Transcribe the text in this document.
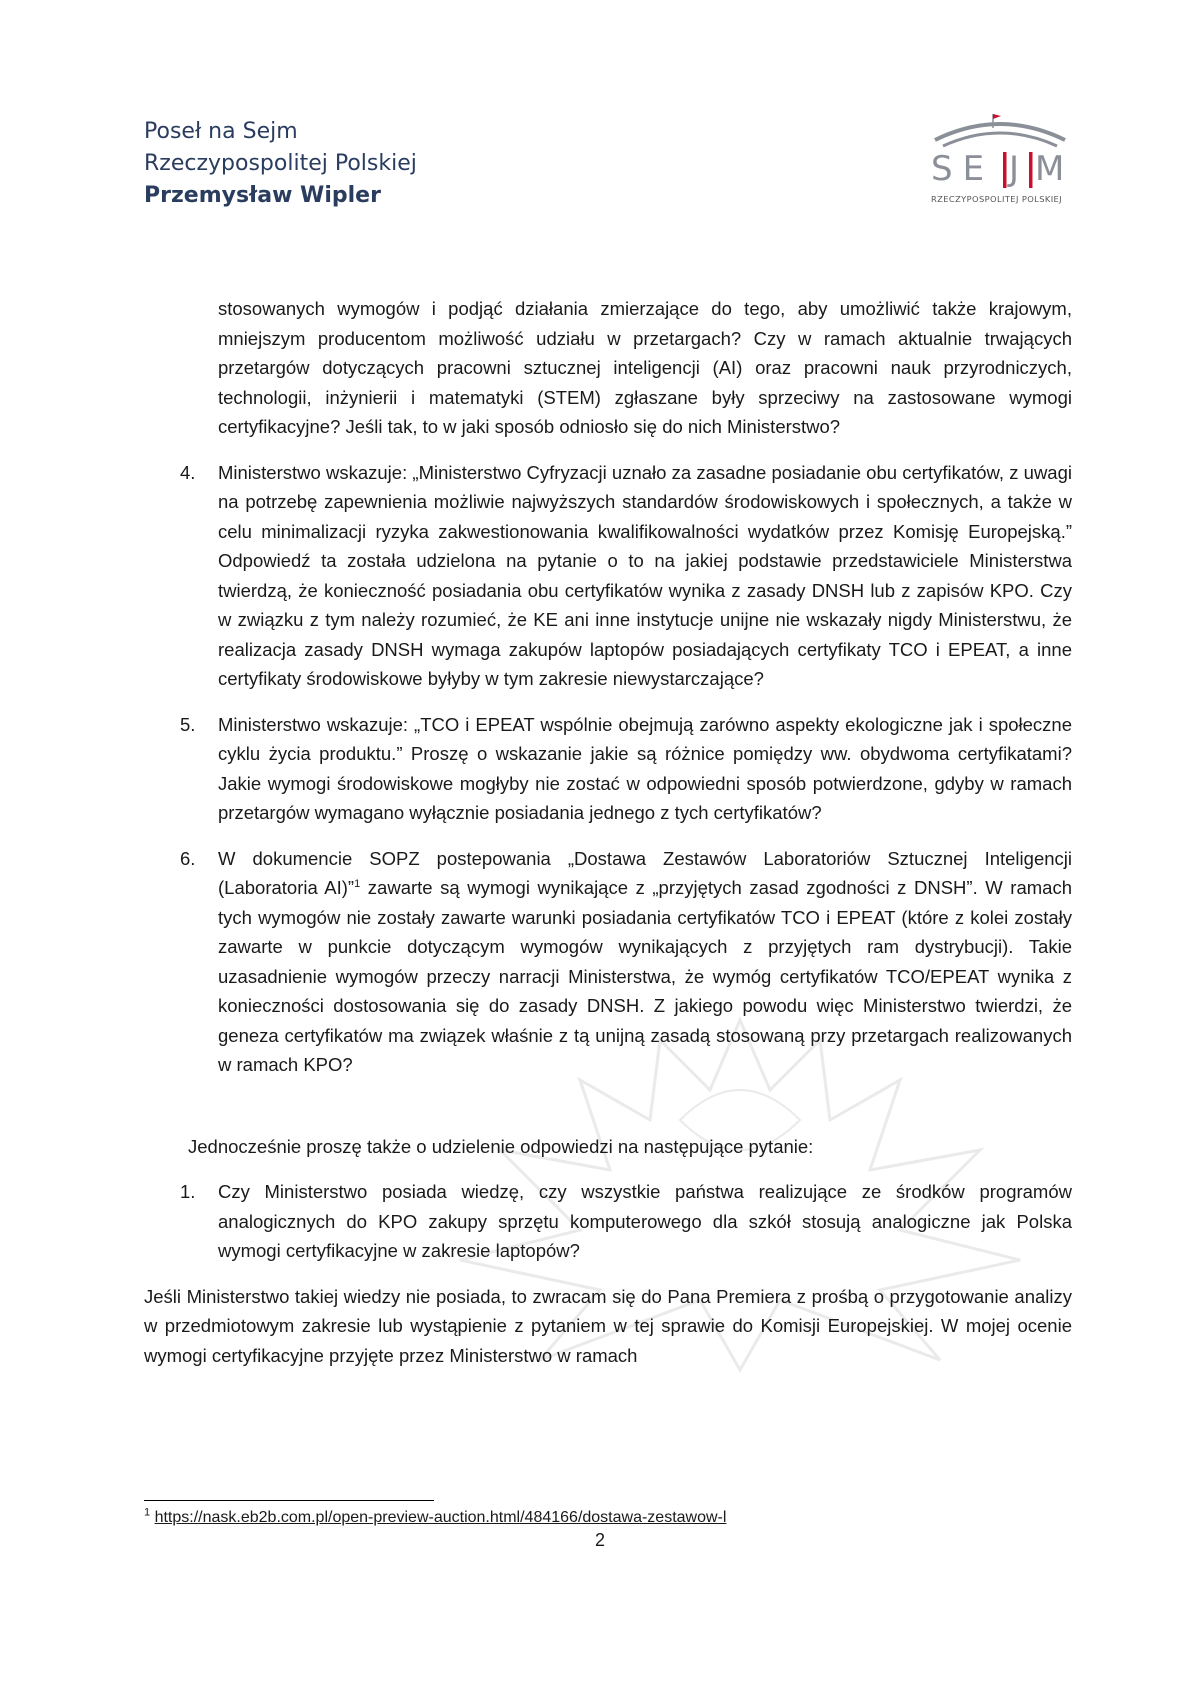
Poseł na Sejm
Rzeczypospolitej Polskiej
Przemysław Wipler
SE J M
RZECZYPOSPOLITEJ POLSKIEJ
stosowanych wymogów i podjąć działania zmierzające do tego, aby umożliwić także krajowym, mniejszym producentom możliwość udziału w przetargach? Czy w ramach aktualnie trwających przetargów dotyczących pracowni sztucznej inteligencji (AI) oraz pracowni nauk przyrodniczych, technologii, inżynierii i matematyki (STEM) zgłaszane były sprzeciwy na zastosowane wymogi certyfikacyjne? Jeśli tak, to w jaki sposób odniosło się do nich Ministerstwo?
4.	Ministerstwo wskazuje: „Ministerstwo Cyfryzacji uznało za zasadne posiadanie obu certyfikatów, z uwagi na potrzebę zapewnienia możliwie najwyższych standardów środowiskowych i społecznych, a także w celu minimalizacji ryzyka zakwestionowania kwalifikowalności wydatków przez Komisję Europejską.” Odpowiedź ta została udzielona na pytanie o to na jakiej podstawie przedstawiciele Ministerstwa twierdzą, że konieczność posiadania obu certyfikatów wynika z zasady DNSH lub z zapisów KPO. Czy w związku z tym należy rozumieć, że KE ani inne instytucje unijne nie wskazały nigdy Ministerstwu, że realizacja zasady DNSH wymaga zakupów laptopów posiadających certyfikaty TCO i EPEAT, a inne certyfikaty środowiskowe byłyby w tym zakresie niewystarczające?
5.	Ministerstwo wskazuje: „TCO i EPEAT wspólnie obejmują zarówno aspekty ekologiczne jak i społeczne cyklu życia produktu.” Proszę o wskazanie jakie są różnice pomiędzy ww. obydwoma certyfikatami? Jakie wymogi środowiskowe mogłyby nie zostać w odpowiedni sposób potwierdzone, gdyby w ramach przetargów wymagano wyłącznie posiadania jednego z tych certyfikatów?
6.	W dokumencie SOPZ postepowania „Dostawa Zestawów Laboratoriów Sztucznej Inteligencji (Laboratoria AI)”$^1$ zawarte są wymogi wynikające z „przyjętych zasad zgodności z DNSH”. W ramach tych wymogów nie zostały zawarte warunki posiadania certyfikatów TCO i EPEAT (które z kolei zostały zawarte w punkcie dotyczącym wymogów wynikających z przyjętych ram dystrybucji). Takie uzasadnienie wymogów przeczy narracji Ministerstwa, że wymóg certyfikatów TCO/EPEAT wynika z konieczności dostosowania się do zasady DNSH. Z jakiego powodu więc Ministerstwo twierdzi, że geneza certyfikatów ma związek właśnie z tą unijną zasadą stosowaną przy przetargach realizowanych w ramach KPO?
Jednocześnie proszę także o udzielenie odpowiedzi na następujące pytanie:
1.	Czy Ministerstwo posiada wiedzę, czy wszystkie państwa realizujące ze środków programów analogicznych do KPO zakupy sprzętu komputerowego dla szkół stosują analogiczne jak Polska wymogi certyfikacyjne w zakresie laptopów?
Jeśli Ministerstwo takiej wiedzy nie posiada, to zwracam się do Pana Premiera z prośbą o przygotowanie analizy w przedmiotowym zakresie lub wystąpienie z pytaniem w tej sprawie do Komisji Europejskiej. W mojej ocenie wymogi certyfikacyjne przyjęte przez Ministerstwo w ramach
$^1$ https://nask.eb2b.com.pl/open-preview-auction.html/484166/dostawa-zestawow-l
2
